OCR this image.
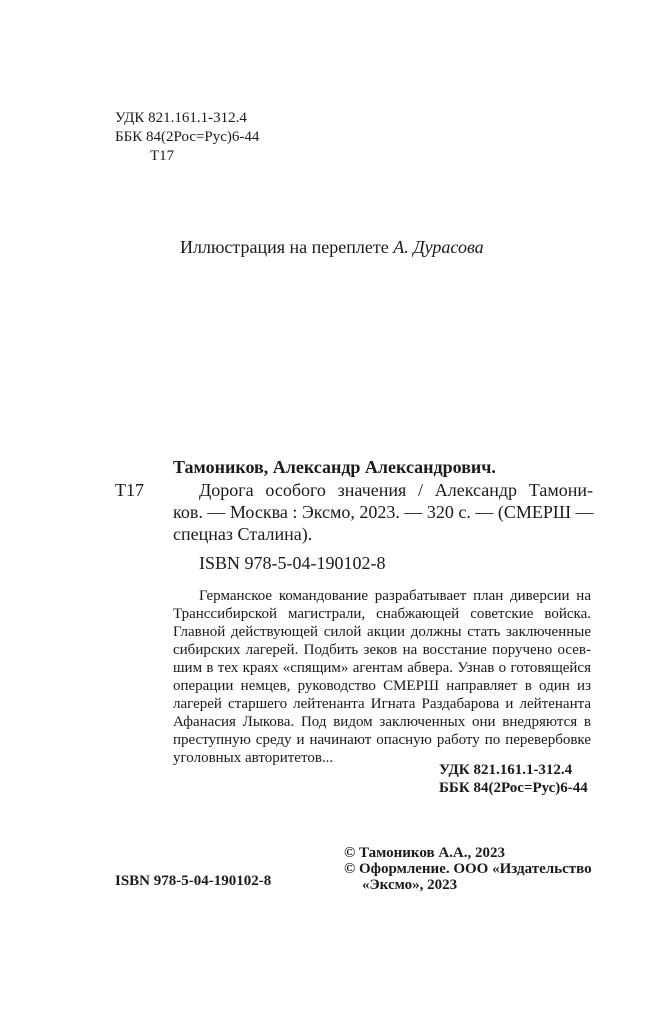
УДК 821.161.1-312.4
ББК 84(2Рос=Рус)6-44
Т17
Иллюстрация на переплете А. Дурасова
Тамоников, Александр Александрович.
Т17	Дорога особого значения / Александр Тамони-
ков. — Москва : Эксмо, 2023. — 320 с. — (СМЕРШ —
спецназ Сталина).
ISBN 978-5-04-190102-8
Германское командование разрабатывает план диверсии на
Транссибирской магистрали, снабжающей советские войска.
Главной действующей силой акции должны стать заключенные
сибирских лагерей. Подбить зеков на восстание поручено осев-
шим в тех краях «спящим» агентам абвера. Узнав о готовящейся
операции немцев, руководство СМЕРШ направляет в один из
лагерей старшего лейтенанта Игната Раздабарова и лейтенанта
Афанасия Лыкова. Под видом заключенных они внедряются в
преступную среду и начинают опасную работу по перевербовке
уголовных авторитетов...
УДК 821.161.1-312.4
ББК 84(2Рос=Рус)6-44
ISBN 978-5-04-190102-8
© Тамоников А.А., 2023
© Оформление. ООО «Издательство
«Эксмо», 2023
